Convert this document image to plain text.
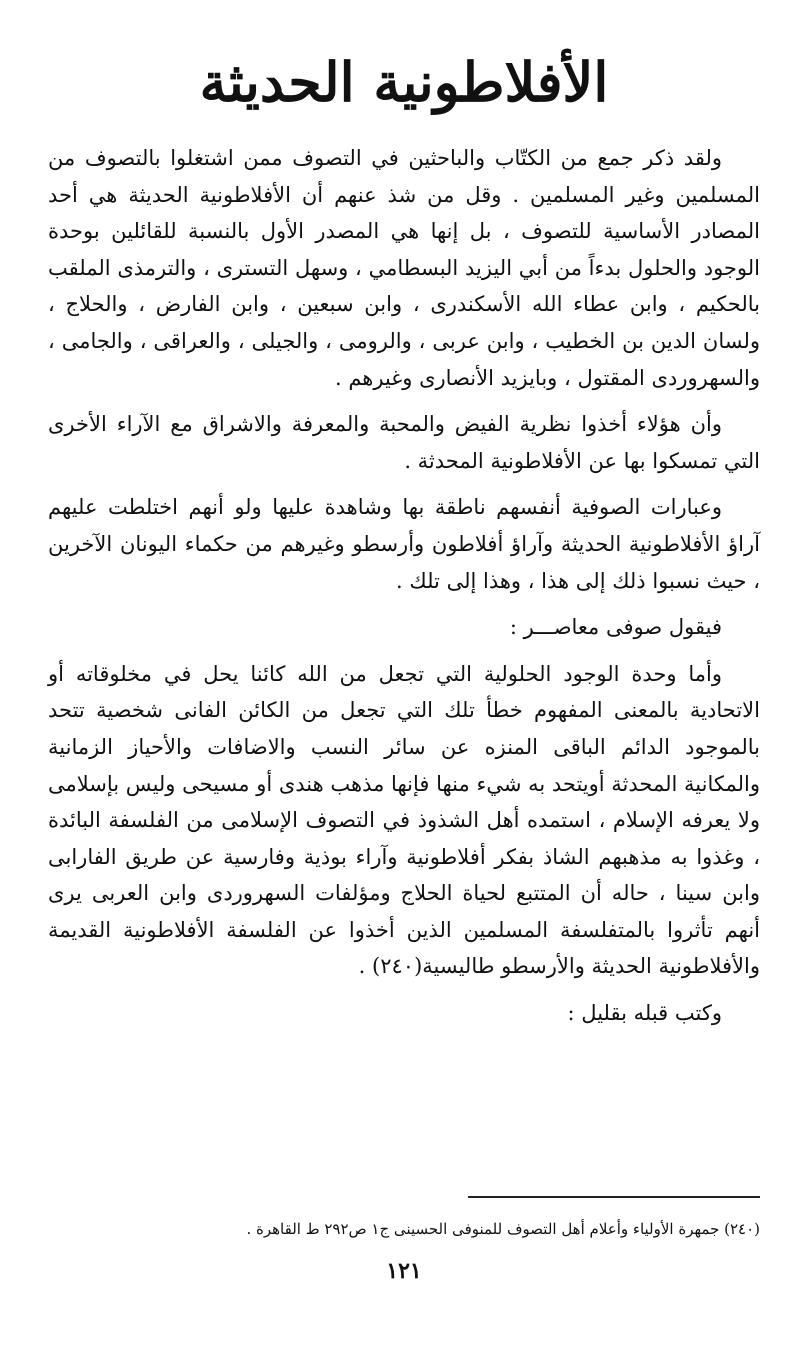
الأفلاطونية الحديثة

ولقد ذكر جمع من الكتّاب والباحثين في التصوف ممن اشتغلوا بالتصوف من المسلمين وغير المسلمين . وقل من شذ عنهم أن الأفلاطونية الحديثة هي أحد المصادر الأساسية للتصوف ، بل إنها هي المصدر الأول بالنسبة للقائلين بوحدة الوجود والحلول بدءاً من أبي اليزيد البسطامي ، وسهل التسترى ، والترمذى الملقب بالحكيم ، وابن عطاء الله الأسكندرى ، وابن سبعين ، وابن الفارض ، والحلاج ، ولسان الدين بن الخطيب ، وابن عربى ، والرومى ، والجيلى ، والعراقى ، والجامى ، والسهروردى المقتول ، وبايزيد الأنصارى وغيرهم .

وأن هؤلاء أخذوا نظرية الفيض والمحبة والمعرفة والاشراق مع الآراء الأخرى التي تمسكوا بها عن الأفلاطونية المحدثة .

وعبارات الصوفية أنفسهم ناطقة بها وشاهدة عليها ولو أنهم اختلطت عليهم آراؤ الأفلاطونية الحديثة وآراؤ أفلاطون وأرسطو وغيرهم من حكماء اليونان الآخرين ، حيث نسبوا ذلك إلى هذا ، وهذا إلى تلك .

فيقول صوفى معاصـــر :

وأما وحدة الوجود الحلولية التي تجعل من الله كائنا يحل في مخلوقاته أو الاتحادية بالمعنى المفهوم خطأ تلك التي تجعل من الكائن الفانى شخصية تتحد بالموجود الدائم الباقى المنزه عن سائر النسب والاضافات والأحياز الزمانية والمكانية المحدثة أويتحد به شيء منها فإنها مذهب هندى أو مسيحى وليس بإسلامى ولا يعرفه الإسلام ، استمده أهل الشذوذ في التصوف الإسلامى من الفلسفة البائدة ، وغذوا به مذهبهم الشاذ بفكر أفلاطونية وآراء بوذية وفارسية عن طريق الفارابى وابن سينا ، حاله أن المتتبع لحياة الحلاج ومؤلفات السهروردى وابن العربى يرى أنهم تأثروا بالمتفلسفة المسلمين الذين أخذوا عن الفلسفة الأفلاطونية القديمة والأفلاطونية الحديثة والأرسطو طاليسية(٢٤٠) .

وكتب قبله بقليل :

(٢٤٠) جمهرة الأولياء وأعلام أهل التصوف للمنوفى الحسينى ج١ ص٢٩٢ ط القاهرة .

١٢١
